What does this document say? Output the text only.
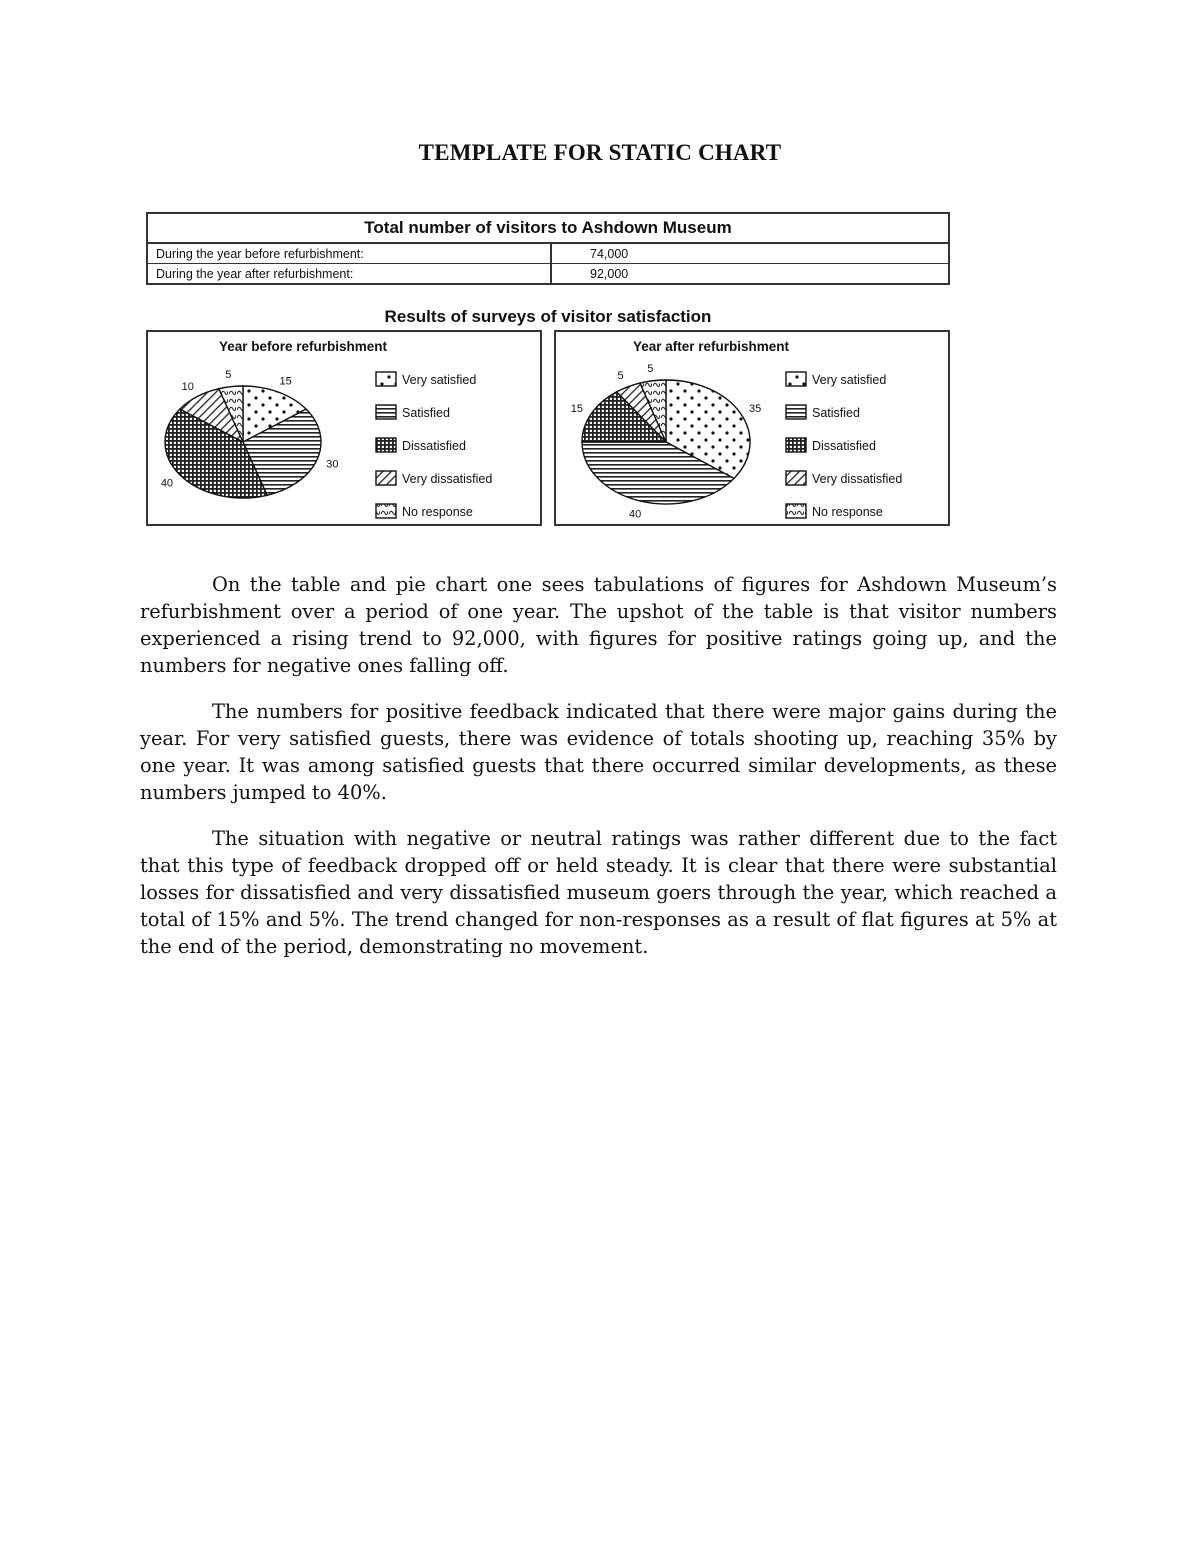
TEMPLATE FOR STATIC CHART
Total number of visitors to Ashdown Museum	
During the year before refurbishment:	74,000
During the year after refurbishment:	92,000
Results of surveys of visitor satisfaction
Year before refurbishment
15
30
40
10
5	Very satisfied
Satisfied
Dissatisfied
Very dissatisfied
No response
Year after refurbishment
35
40
15
5
5
Very satisfied
Satisfied
Dissatisfied
Very dissatisfied
No response

On the table and pie chart one sees tabulations of figures for Ashdown Museum’s refurbishment over a period of one year. The upshot of the table is that visitor numbers experienced a rising trend to 92,000, with figures for positive ratings going up, and the numbers for negative ones falling off.

The numbers for positive feedback indicated that there were major gains during the year. For very satisfied guests, there was evidence of totals shooting up, reaching 35% by one year. It was among satisfied guests that there occurred similar developments, as these numbers jumped to 40%.

The situation with negative or neutral ratings was rather different due to the fact that this type of feedback dropped off or held steady. It is clear that there were substantial losses for dissatisfied and very dissatisfied museum goers through the year, which reached a total of 15% and 5%. The trend changed for non-responses as a result of flat figures at 5% at the end of the period, demonstrating no movement.
